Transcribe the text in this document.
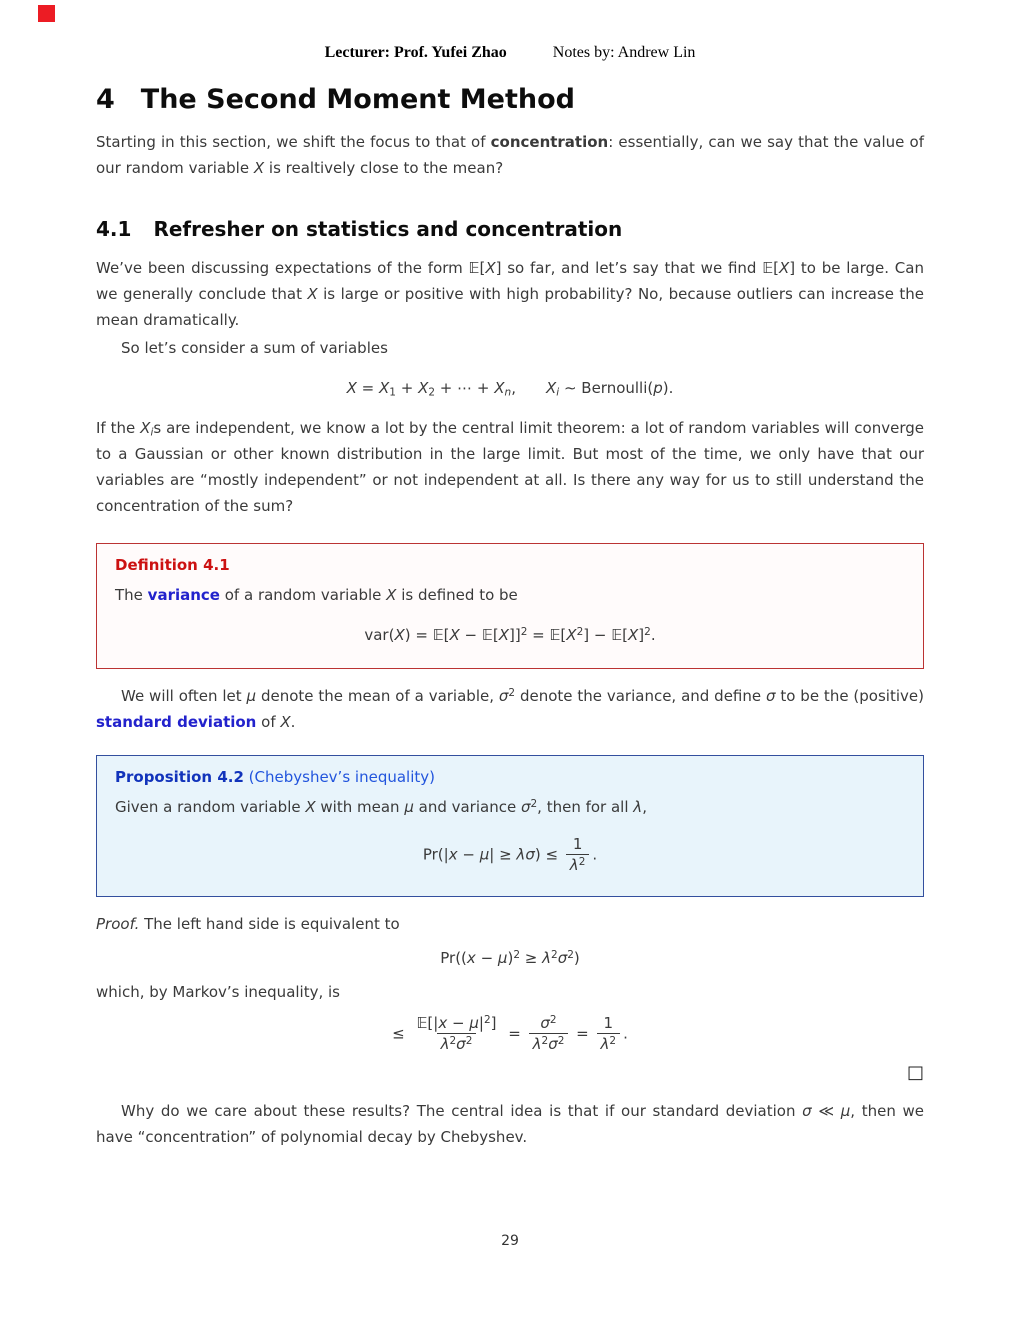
Lecturer: Prof. Yufei Zhao	Notes by: Andrew Lin
4 The Second Moment Method

Starting in this section, we shift the focus to that of concentration: essentially, can we say that the value of our random variable X is realtively close to the mean?

4.1 Refresher on statistics and concentration

We’ve been discussing expectations of the form 𝔼[X] so far, and let’s say that we find 𝔼[X] to be large. Can we generally conclude that X is large or positive with high probability? No, because outliers can increase the mean dramatically.

So let’s consider a sum of variables

$X = X_1 + X_2$ + ⋯ + $X_n$,  $X_i$ ∼ Bernoulli(p).

If the $X_is$ are independent, we know a lot by the central limit theorem: a lot of random variables will converge to a Gaussian or other known distribution in the large limit. But most of the time, we only have that our variables are “mostly independent” or not independent at all. Is there any way for us to still understand the concentration of the sum?

Definition 4.1

The variance of a random variable X is defined to be

var(X) = 𝔼[X − 𝔼[X]]$^2$ = $𝔼[X^2]$ − $𝔼[X]^2$.

We will often let μ denote the mean of a variable, $\sigma^2$ denote the variance, and define σ to be the (positive) standard deviation of X.

Proposition 4.2 (Chebyshev’s inequality)

Given a random variable X with mean μ and variance $\sigma^2$, then for all λ,

$Pr(|x - \mu| \ge \lambda\sigma) \le \frac{1}{\lambda^2}$ .

Proof. The left hand side is equivalent to

$Pr((x - \mu)^2 \ge \lambda^2\sigma^2)$

which, by Markov’s inequality, is

≤ $\frac{𝔼[|x - \mu|^2]}{\lambda^2\sigma^2} = \frac{\sigma^2}{\lambda^2\sigma^2} = \frac{1}{\lambda^2}$ .
□

Why do we care about these results? The central idea is that if our standard deviation σ ≪ μ, then we have “concentration” of polynomial decay by Chebyshev.

29
